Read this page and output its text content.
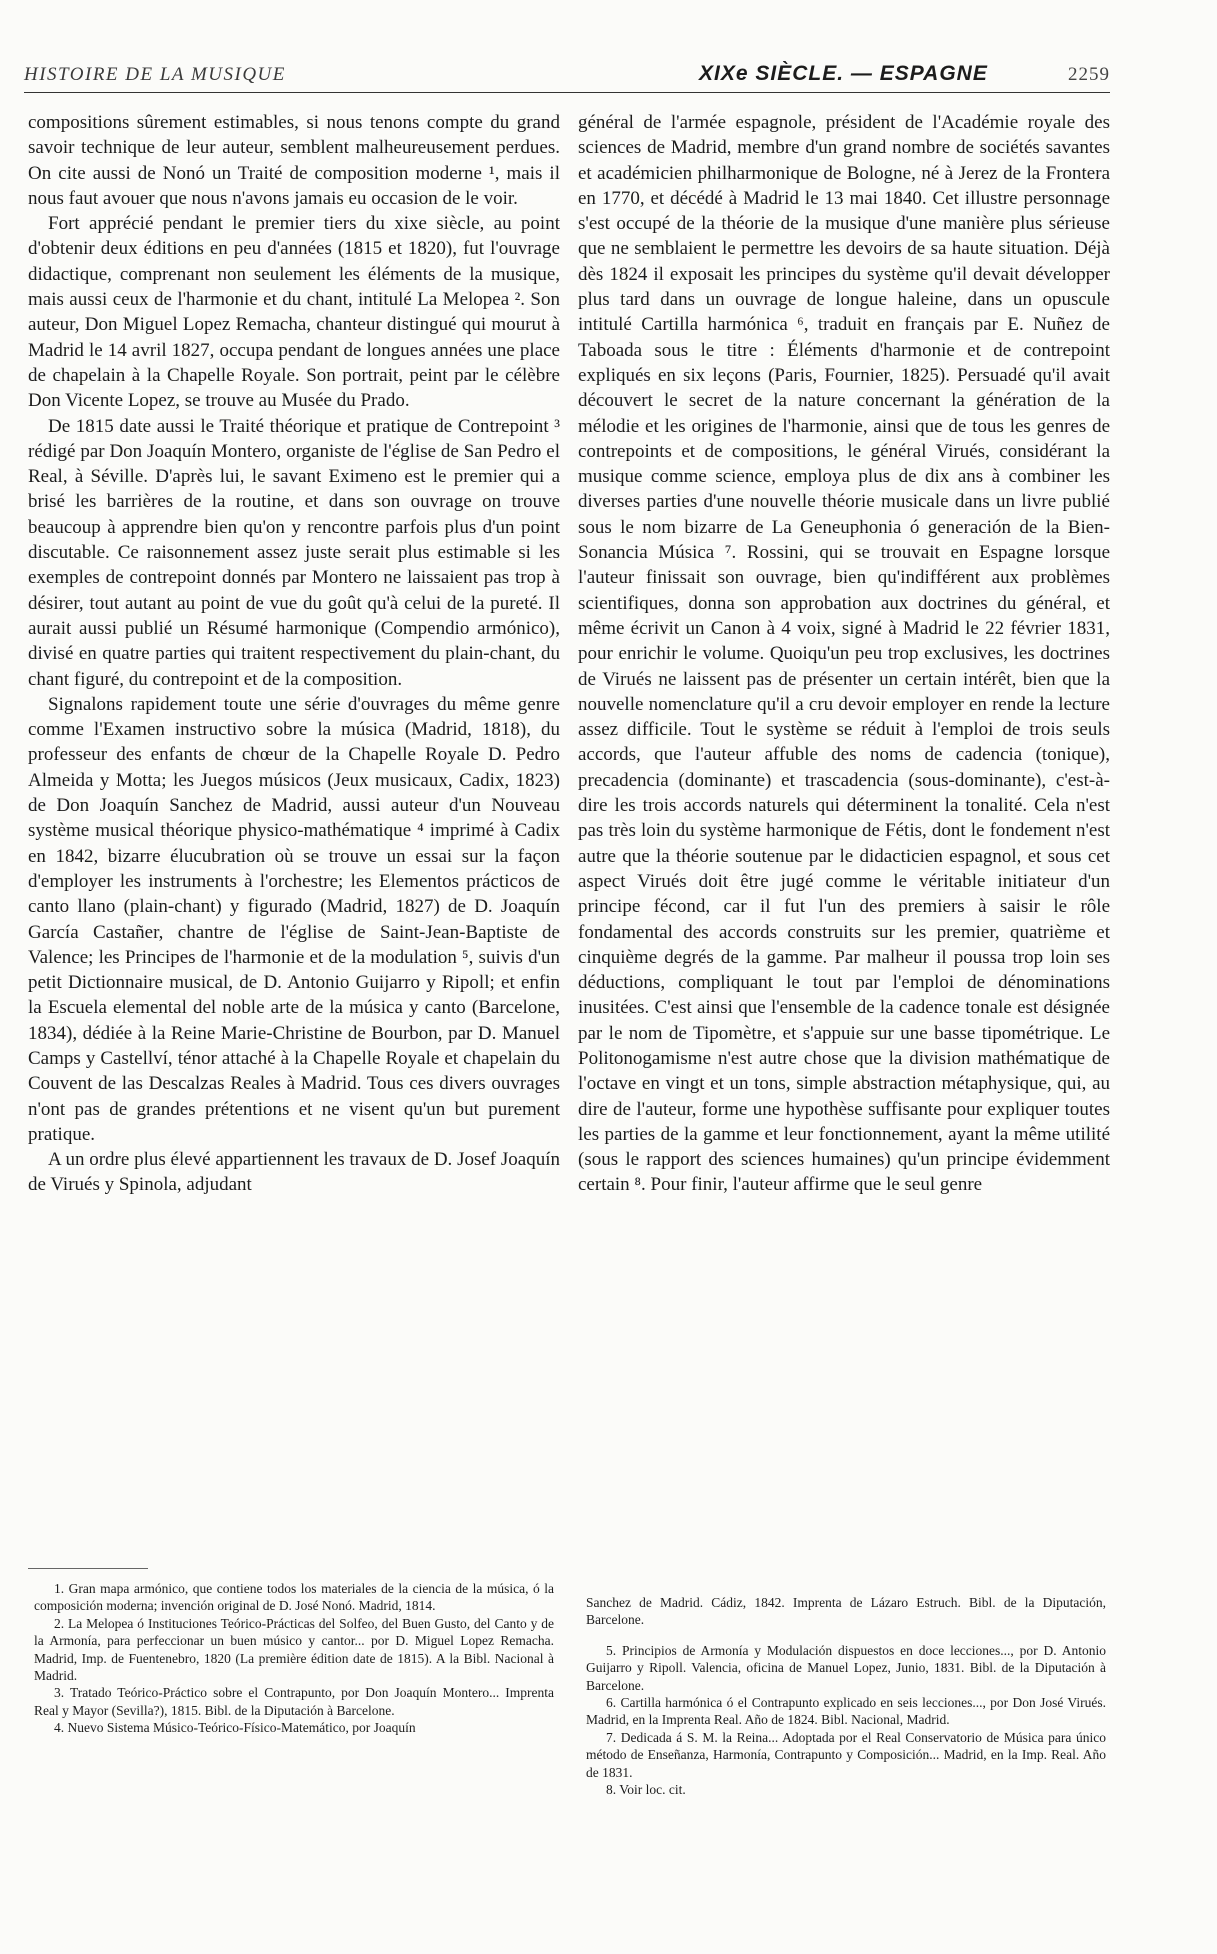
HISTOIRE DE LA MUSIQUE	XIXe SIÈCLE. — ESPAGNE	2259

compositions sûrement estimables, si nous tenons compte du grand savoir technique de leur auteur, semblent malheureusement perdues. On cite aussi de Nonó un Traité de composition moderne ¹, mais il nous faut avouer que nous n'avons jamais eu occasion de le voir.

Fort apprécié pendant le premier tiers du xixe siècle, au point d'obtenir deux éditions en peu d'années (1815 et 1820), fut l'ouvrage didactique, comprenant non seulement les éléments de la musique, mais aussi ceux de l'harmonie et du chant, intitulé La Melopea ². Son auteur, Don Miguel Lopez Remacha, chanteur distingué qui mourut à Madrid le 14 avril 1827, occupa pendant de longues années une place de chapelain à la Chapelle Royale. Son portrait, peint par le célèbre Don Vicente Lopez, se trouve au Musée du Prado.

De 1815 date aussi le Traité théorique et pratique de Contrepoint ³ rédigé par Don Joaquín Montero, organiste de l'église de San Pedro el Real, à Séville. D'après lui, le savant Eximeno est le premier qui a brisé les barrières de la routine, et dans son ouvrage on trouve beaucoup à apprendre bien qu'on y rencontre parfois plus d'un point discutable. Ce raisonnement assez juste serait plus estimable si les exemples de contrepoint donnés par Montero ne laissaient pas trop à désirer, tout autant au point de vue du goût qu'à celui de la pureté. Il aurait aussi publié un Résumé harmonique (Compendio armónico), divisé en quatre parties qui traitent respectivement du plain-chant, du chant figuré, du contrepoint et de la composition.

Signalons rapidement toute une série d'ouvrages du même genre comme l'Examen instructivo sobre la música (Madrid, 1818), du professeur des enfants de chœur de la Chapelle Royale D. Pedro Almeida y Motta; les Juegos músicos (Jeux musicaux, Cadix, 1823) de Don Joaquín Sanchez de Madrid, aussi auteur d'un Nouveau système musical théorique physico-mathématique ⁴ imprimé à Cadix en 1842, bizarre élucubration où se trouve un essai sur la façon d'employer les instruments à l'orchestre; les Elementos prácticos de canto llano (plain-chant) y figurado (Madrid, 1827) de D. Joaquín García Castañer, chantre de l'église de Saint-Jean-Baptiste de Valence; les Principes de l'harmonie et de la modulation ⁵, suivis d'un petit Dictionnaire musical, de D. Antonio Guijarro y Ripoll; et enfin la Escuela elemental del noble arte de la música y canto (Barcelone, 1834), dédiée à la Reine Marie-Christine de Bourbon, par D. Manuel Camps y Castellví, ténor attaché à la Chapelle Royale et chapelain du Couvent de las Descalzas Reales à Madrid. Tous ces divers ouvrages n'ont pas de grandes prétentions et ne visent qu'un but purement pratique.

A un ordre plus élevé appartiennent les travaux de D. Josef Joaquín de Virués y Spinola, adjudant

général de l'armée espagnole, président de l'Académie royale des sciences de Madrid, membre d'un grand nombre de sociétés savantes et académicien philharmonique de Bologne, né à Jerez de la Frontera en 1770, et décédé à Madrid le 13 mai 1840. Cet illustre personnage s'est occupé de la théorie de la musique d'une manière plus sérieuse que ne semblaient le permettre les devoirs de sa haute situation. Déjà dès 1824 il exposait les principes du système qu'il devait développer plus tard dans un ouvrage de longue haleine, dans un opuscule intitulé Cartilla harmónica ⁶, traduit en français par E. Nuñez de Taboada sous le titre : Éléments d'harmonie et de contrepoint expliqués en six leçons (Paris, Fournier, 1825). Persuadé qu'il avait découvert le secret de la nature concernant la génération de la mélodie et les origines de l'harmonie, ainsi que de tous les genres de contrepoints et de compositions, le général Virués, considérant la musique comme science, employa plus de dix ans à combiner les diverses parties d'une nouvelle théorie musicale dans un livre publié sous le nom bizarre de La Geneuphonia ó generación de la Bien-Sonancia Música ⁷. Rossini, qui se trouvait en Espagne lorsque l'auteur finissait son ouvrage, bien qu'indifférent aux problèmes scientifiques, donna son approbation aux doctrines du général, et même écrivit un Canon à 4 voix, signé à Madrid le 22 février 1831, pour enrichir le volume. Quoiqu'un peu trop exclusives, les doctrines de Virués ne laissent pas de présenter un certain intérêt, bien que la nouvelle nomenclature qu'il a cru devoir employer en rende la lecture assez difficile. Tout le système se réduit à l'emploi de trois seuls accords, que l'auteur affuble des noms de cadencia (tonique), precadencia (dominante) et trascadencia (sous-dominante), c'est-à-dire les trois accords naturels qui déterminent la tonalité. Cela n'est pas très loin du système harmonique de Fétis, dont le fondement n'est autre que la théorie soutenue par le didacticien espagnol, et sous cet aspect Virués doit être jugé comme le véritable initiateur d'un principe fécond, car il fut l'un des premiers à saisir le rôle fondamental des accords construits sur les premier, quatrième et cinquième degrés de la gamme. Par malheur il poussa trop loin ses déductions, compliquant le tout par l'emploi de dénominations inusitées. C'est ainsi que l'ensemble de la cadence tonale est désignée par le nom de Tipomètre, et s'appuie sur une basse tipométrique. Le Politonogamisme n'est autre chose que la division mathématique de l'octave en vingt et un tons, simple abstraction métaphysique, qui, au dire de l'auteur, forme une hypothèse suffisante pour expliquer toutes les parties de la gamme et leur fonctionnement, ayant la même utilité (sous le rapport des sciences humaines) qu'un principe évidemment certain ⁸. Pour finir, l'auteur affirme que le seul genre

1. Gran mapa armónico, que contiene todos los materiales de la ciencia de la música, ó la composición moderna; invención original de D. José Nonó. Madrid, 1814.

2. La Melopea ó Instituciones Teórico-Prácticas del Solfeo, del Buen Gusto, del Canto y de la Armonía, para perfeccionar un buen músico y cantor... por D. Miguel Lopez Remacha. Madrid, Imp. de Fuentenebro, 1820 (La première édition date de 1815). A la Bibl. Nacional à Madrid.

3. Tratado Teórico-Práctico sobre el Contrapunto, por Don Joaquín Montero... Imprenta Real y Mayor (Sevilla?), 1815. Bibl. de la Diputación à Barcelone.

4. Nuevo Sistema Músico-Teórico-Físico-Matemático, por Joaquín

Sanchez de Madrid. Cádiz, 1842. Imprenta de Lázaro Estruch. Bibl. de la Diputación, Barcelone.

5. Principios de Armonía y Modulación dispuestos en doce lecciones..., por D. Antonio Guijarro y Ripoll. Valencia, oficina de Manuel Lopez, Junio, 1831. Bibl. de la Diputación à Barcelone.

6. Cartilla harmónica ó el Contrapunto explicado en seis lecciones..., por Don José Virués. Madrid, en la Imprenta Real. Año de 1824. Bibl. Nacional, Madrid.

7. Dedicada á S. M. la Reina... Adoptada por el Real Conservatorio de Música para único método de Enseñanza, Harmonía, Contrapunto y Composición... Madrid, en la Imp. Real. Año de 1831.

8. Voir loc. cit.
